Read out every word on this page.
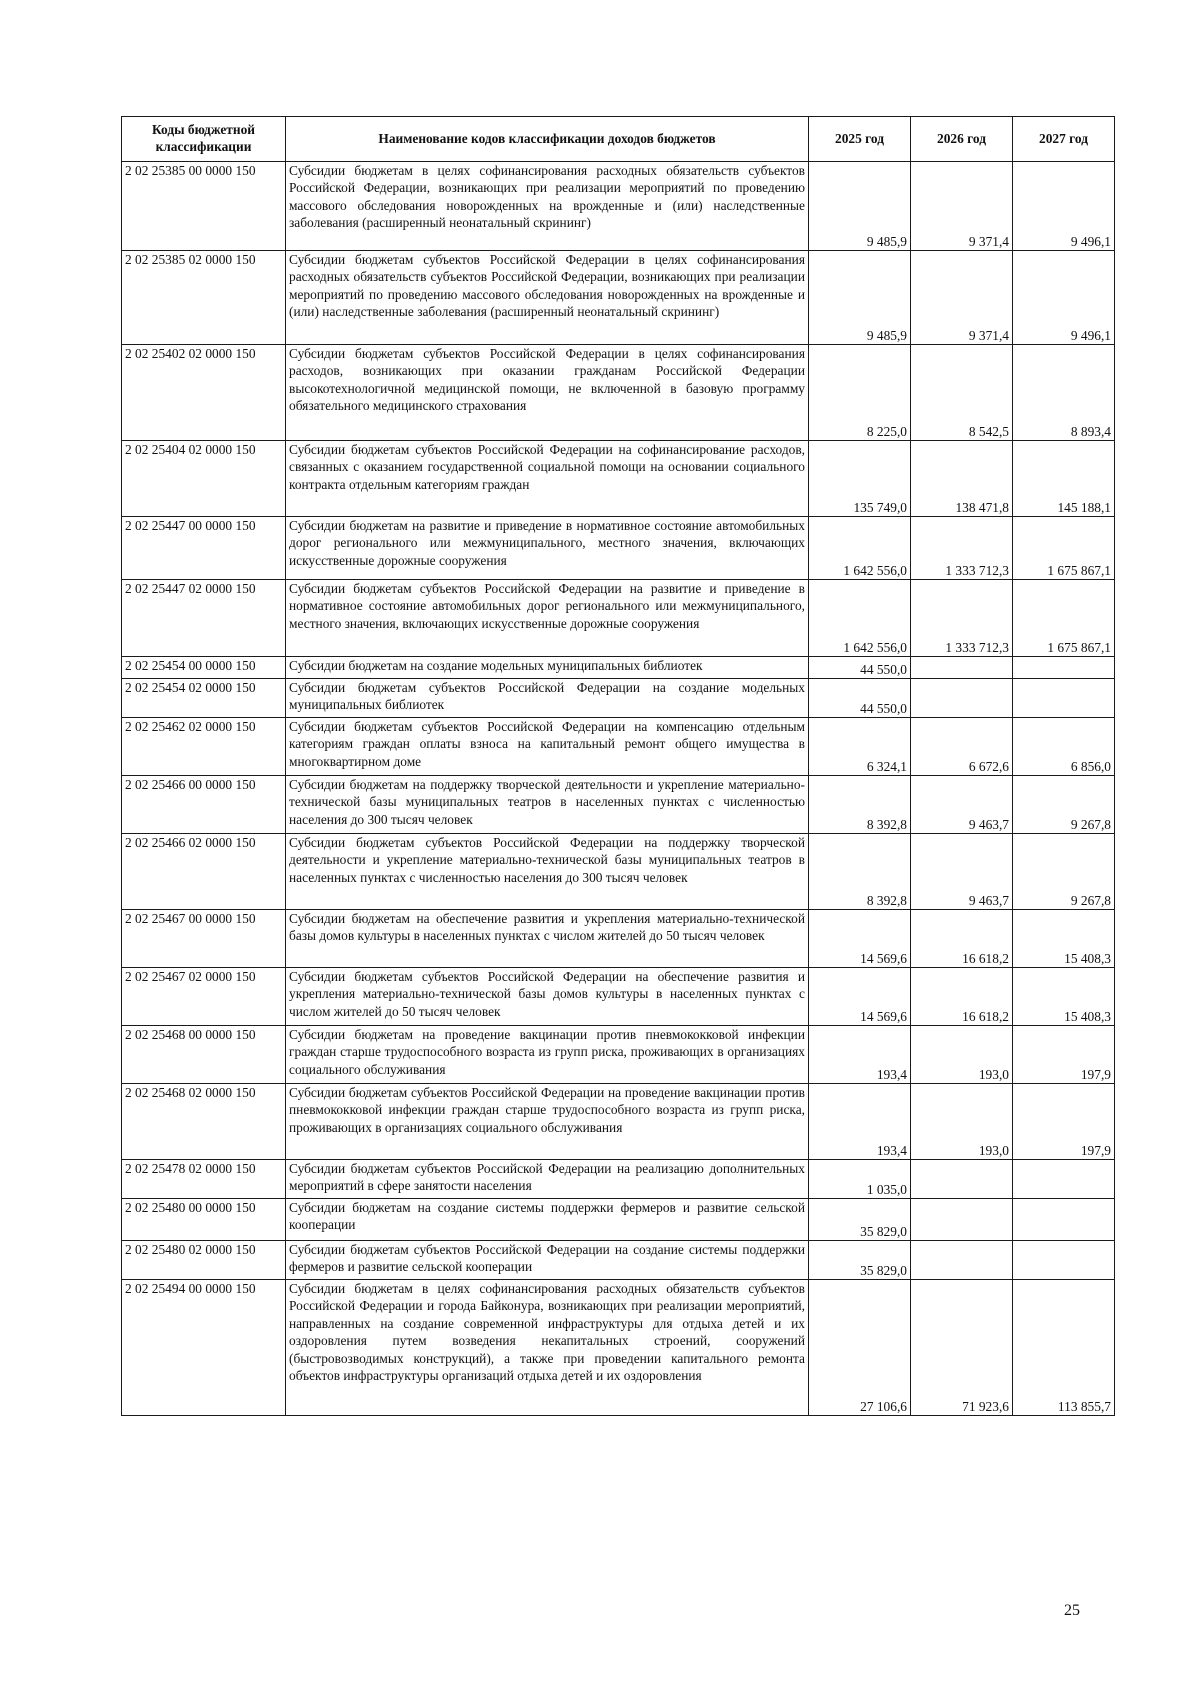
Коды бюджетной классификации	Наименование кодов классификации доходов бюджетов	2025 год	2026 год	2027 год
2 02 25385 00 0000 150	Субсидии бюджетам в целях софинансирования расходных обязательств субъектов Российской Федерации, возникающих при реализации мероприятий по проведению массового обследования новорожденных на врожденные и (или) наследственные заболевания (расширенный неонатальный скрининг)	9 485,9	9 371,4	9 496,1
2 02 25385 02 0000 150	Субсидии бюджетам субъектов Российской Федерации в целях софинансирования расходных обязательств субъектов Российской Федерации, возникающих при реализации мероприятий по проведению массового обследования новорожденных на врожденные и (или) наследственные заболевания (расширенный неонатальный скрининг)	9 485,9	9 371,4	9 496,1
2 02 25402 02 0000 150	Субсидии бюджетам субъектов Российской Федерации в целях софинансирования расходов, возникающих при оказании гражданам Российской Федерации высокотехнологичной медицинской помощи, не включенной в базовую программу обязательного медицинского страхования	8 225,0	8 542,5	8 893,4
2 02 25404 02 0000 150	Субсидии бюджетам субъектов Российской Федерации на софинансирование расходов, связанных с оказанием государственной социальной помощи на основании социального контракта отдельным категориям граждан	135 749,0	138 471,8	145 188,1
2 02 25447 00 0000 150	Субсидии бюджетам на развитие и приведение в нормативное состояние автомобильных дорог регионального или межмуниципального, местного значения, включающих искусственные дорожные сооружения	1 642 556,0	1 333 712,3	1 675 867,1
2 02 25447 02 0000 150	Субсидии бюджетам субъектов Российской Федерации на развитие и приведение в нормативное состояние автомобильных дорог регионального или межмуниципального, местного значения, включающих искусственные дорожные сооружения	1 642 556,0	1 333 712,3	1 675 867,1
2 02 25454 00 0000 150	Субсидии бюджетам на создание модельных муниципальных библиотек	44 550,0		
2 02 25454 02 0000 150	Субсидии бюджетам субъектов Российской Федерации на создание модельных муниципальных библиотек	44 550,0		
2 02 25462 02 0000 150	Субсидии бюджетам субъектов Российской Федерации на компенсацию отдельным категориям граждан оплаты взноса на капитальный ремонт общего имущества в многоквартирном доме	6 324,1	6 672,6	6 856,0
2 02 25466 00 0000 150	Субсидии бюджетам на поддержку творческой деятельности и укрепление материально-технической базы муниципальных театров в населенных пунктах с численностью населения до 300 тысяч человек	8 392,8	9 463,7	9 267,8
2 02 25466 02 0000 150	Субсидии бюджетам субъектов Российской Федерации на поддержку творческой деятельности и укрепление материально-технической базы муниципальных театров в населенных пунктах с численностью населения до 300 тысяч человек	8 392,8	9 463,7	9 267,8
2 02 25467 00 0000 150	Субсидии бюджетам на обеспечение развития и укрепления материально-технической базы домов культуры в населенных пунктах с числом жителей до 50 тысяч человек	14 569,6	16 618,2	15 408,3
2 02 25467 02 0000 150	Субсидии бюджетам субъектов Российской Федерации на обеспечение развития и укрепления материально-технической базы домов культуры в населенных пунктах с числом жителей до 50 тысяч человек	14 569,6	16 618,2	15 408,3
2 02 25468 00 0000 150	Субсидии бюджетам на проведение вакцинации против пневмококковой инфекции граждан старше трудоспособного возраста из групп риска, проживающих в организациях социального обслуживания	193,4	193,0	197,9
2 02 25468 02 0000 150	Субсидии бюджетам субъектов Российской Федерации на проведение вакцинации против пневмококковой инфекции граждан старше трудоспособного возраста из групп риска, проживающих в организациях социального обслуживания	193,4	193,0	197,9
2 02 25478 02 0000 150	Субсидии бюджетам субъектов Российской Федерации на реализацию дополнительных мероприятий в сфере занятости населения	1 035,0		
2 02 25480 00 0000 150	Субсидии бюджетам на создание системы поддержки фермеров и развитие сельской кооперации	35 829,0		
2 02 25480 02 0000 150	Субсидии бюджетам субъектов Российской Федерации на создание системы поддержки фермеров и развитие сельской кооперации	35 829,0		
2 02 25494 00 0000 150	Субсидии бюджетам в целях софинансирования расходных обязательств субъектов Российской Федерации и города Байконура, возникающих при реализации мероприятий, направленных на создание современной инфраструктуры для отдыха детей и их оздоровления путем возведения некапитальных строений, сооружений (быстровозводимых конструкций), а также при проведении капитального ремонта объектов инфраструктуры организаций отдыха детей и их оздоровления	27 106,6	71 923,6	113 855,7
25
